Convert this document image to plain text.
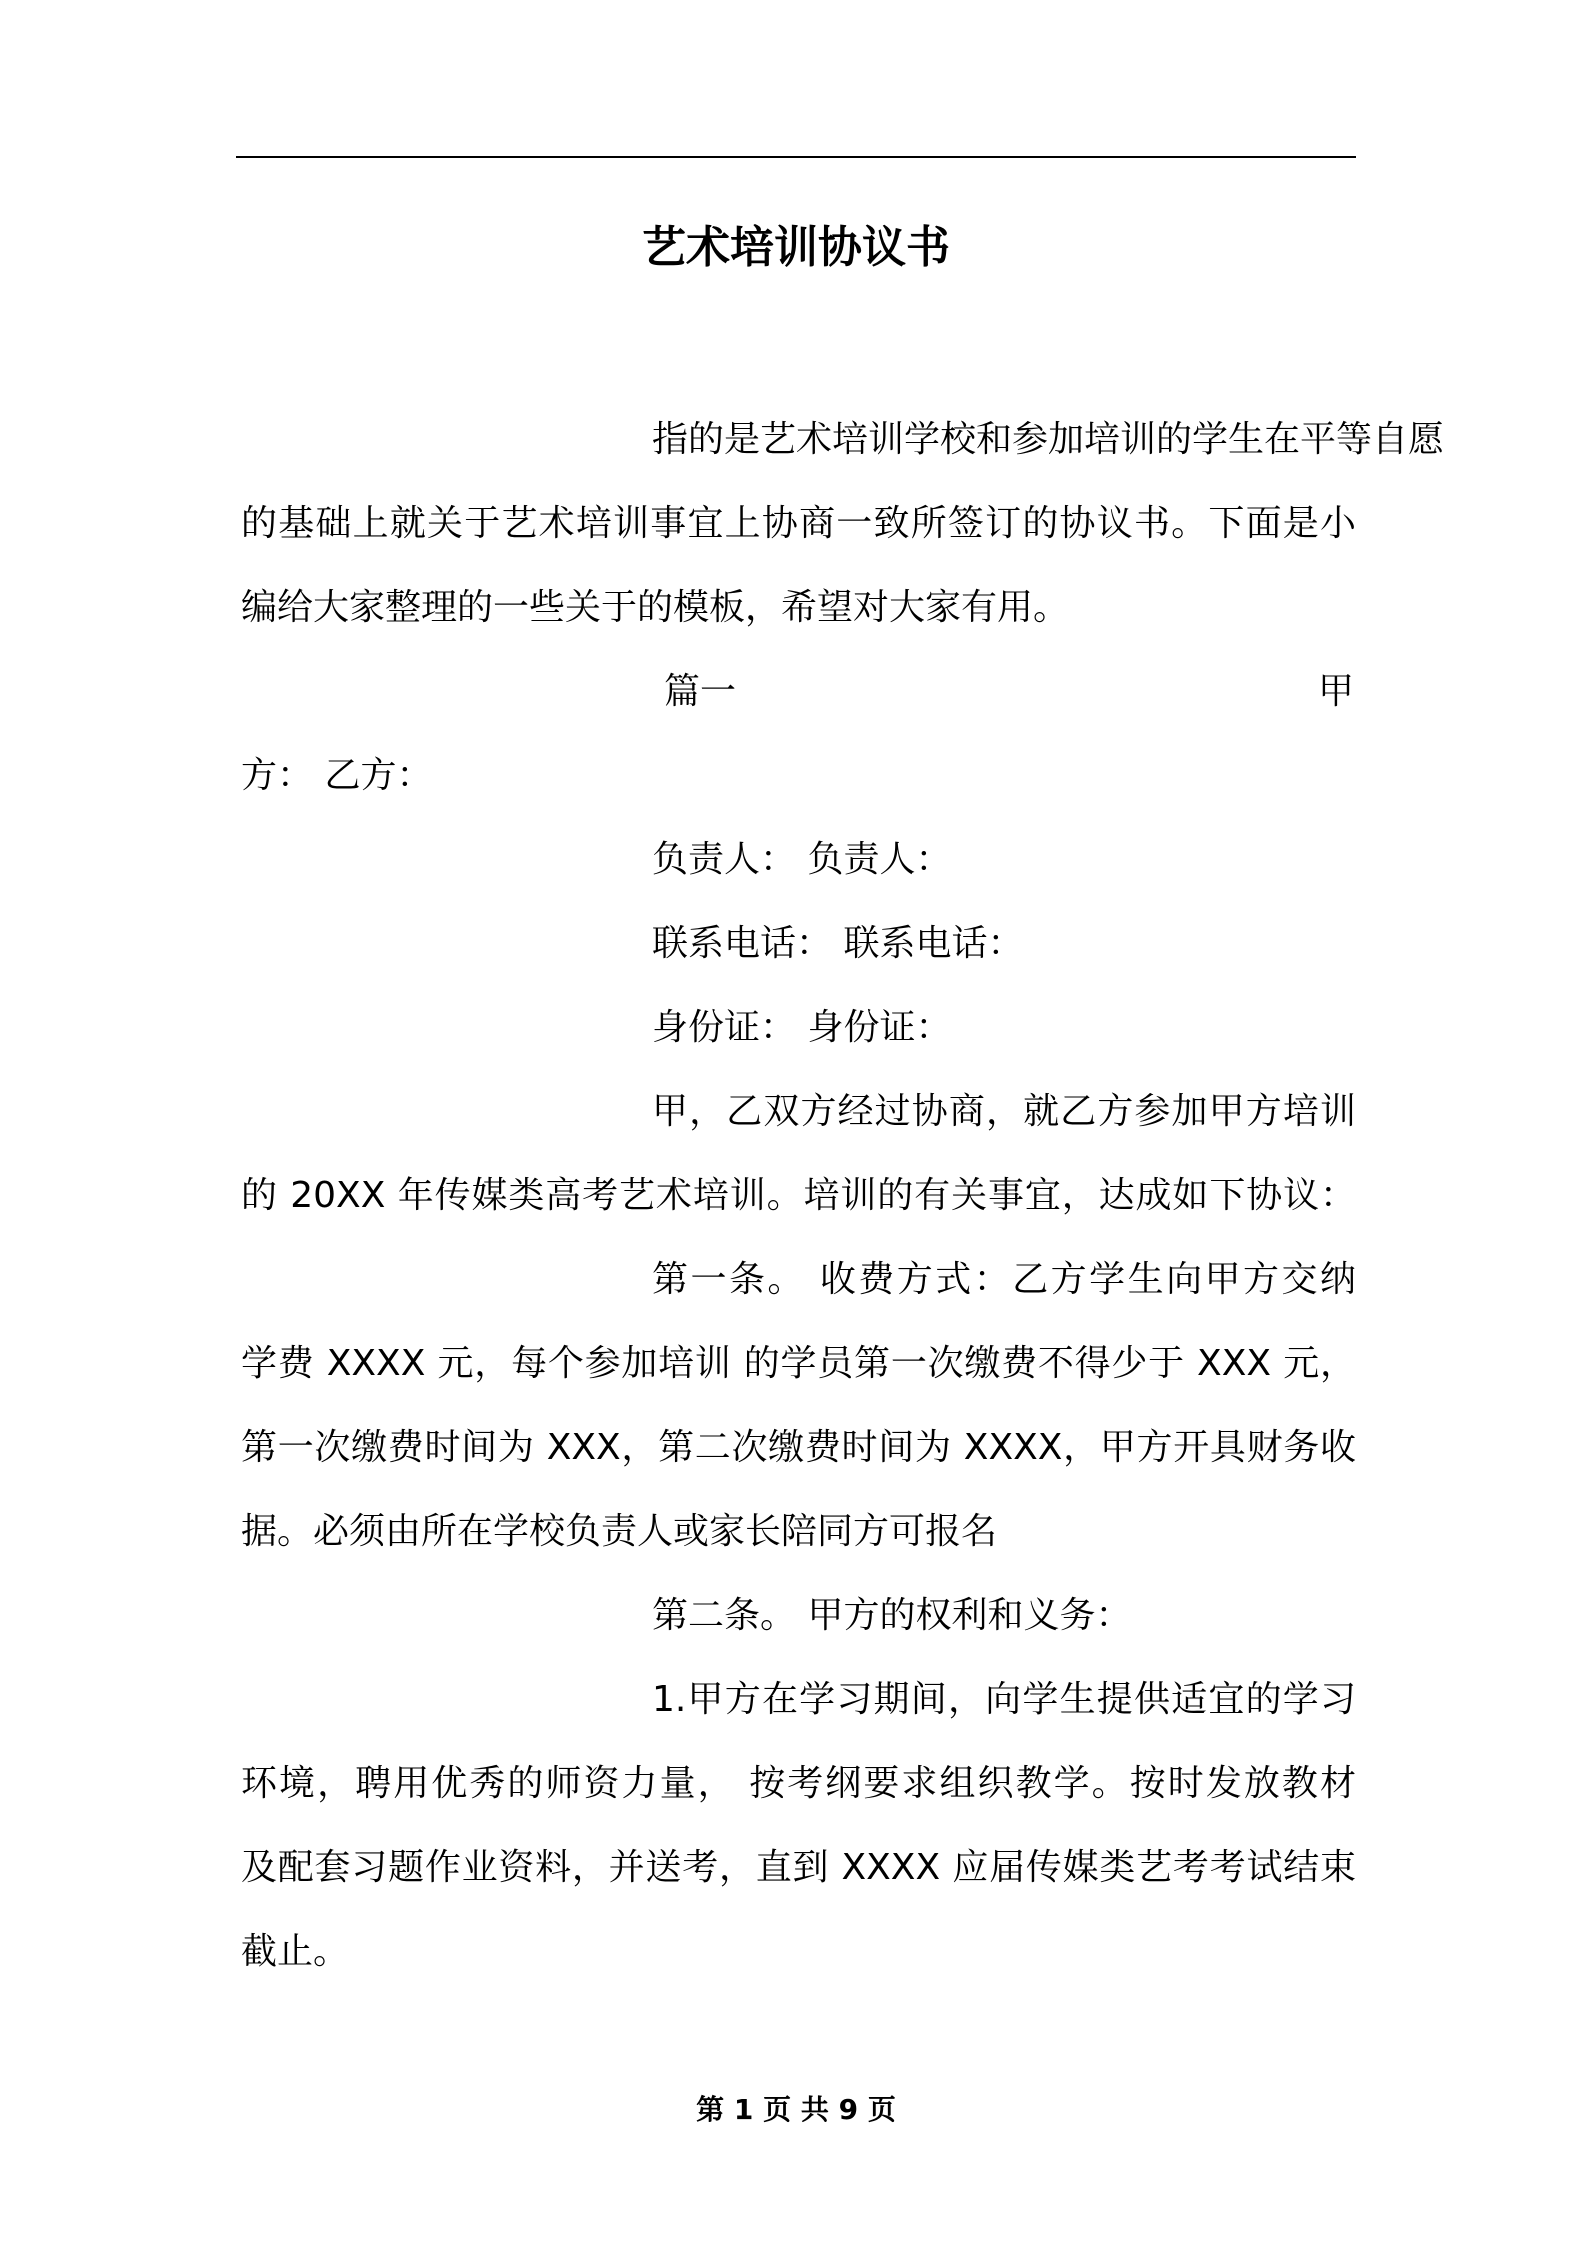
艺术培训协议书
指的是艺术培训学校和参加培训的学生在平等自愿
的基础上就关于艺术培训事宜上协商一致所签订的协议书。下面是小
编给大家整理的一些关于的模板，希望对大家有用。
篇一	甲
方： 乙方：
负责人： 负责人：
联系电话： 联系电话：
身份证： 身份证：
甲，乙双方经过协商，就乙方参加甲方培训
的 20XX 年传媒类高考艺术培训。培训的有关事宜，达成如下协议：
第一条。 收费方式：乙方学生向甲方交纳
学费 XXXX 元，每个参加培训 的学员第一次缴费不得少于 XXX 元，
第一次缴费时间为 XXX，第二次缴费时间为 XXXX，甲方开具财务收
据。必须由所在学校负责人或家长陪同方可报名
第二条。 甲方的权利和义务：
1.甲方在学习期间，向学生提供适宜的学习
环境，聘用优秀的师资力量， 按考纲要求组织教学。按时发放教材
及配套习题作业资料，并送考，直到 XXXX 应届传媒类艺考考试结束
截止。
第 1 页 共 9 页
